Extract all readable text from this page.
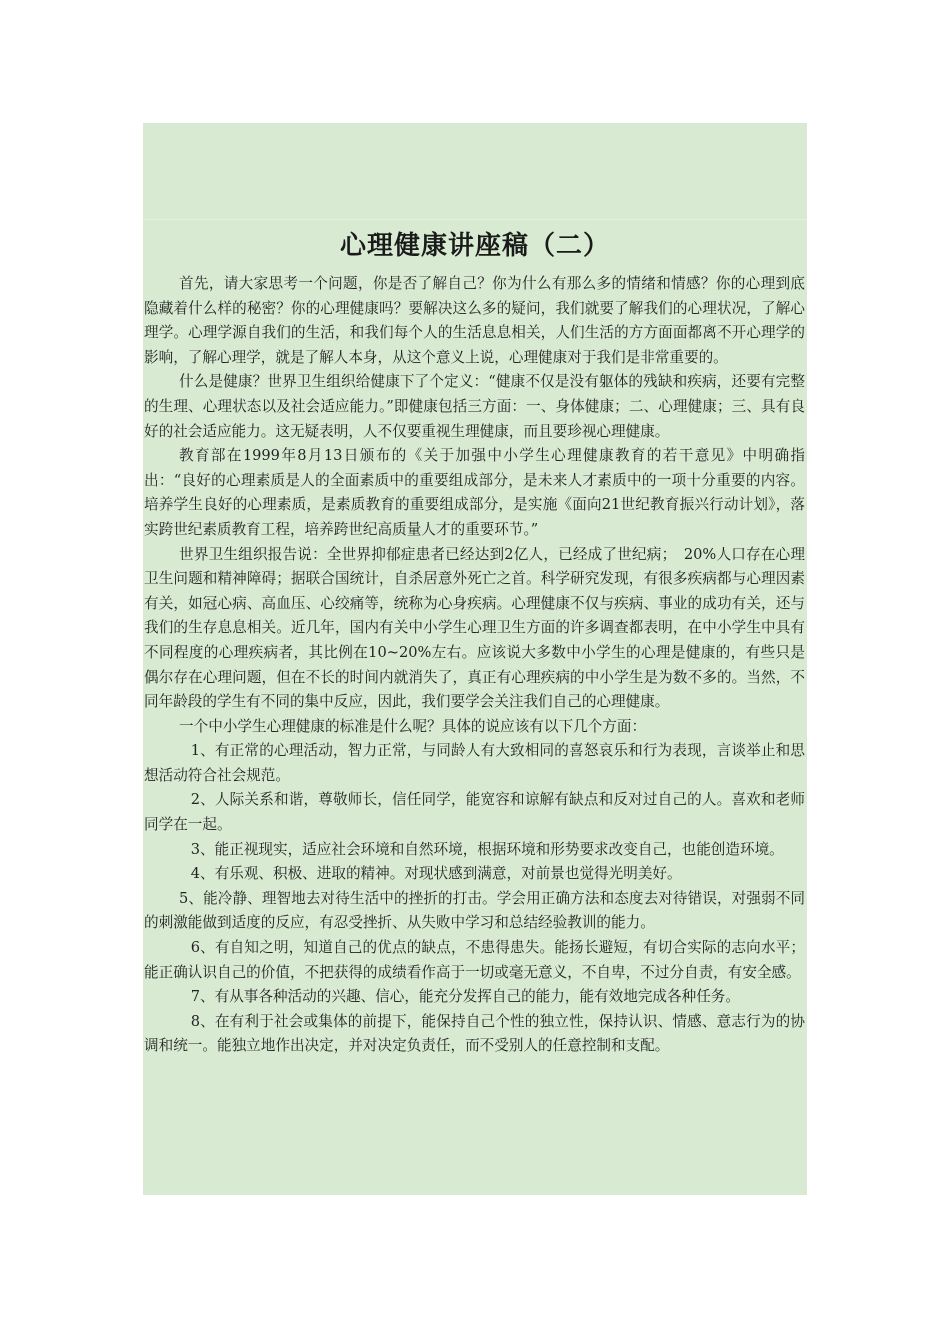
心理健康讲座稿（二）

首先，请大家思考一个问题，你是否了解自己？你为什么有那么多的情绪和情感？你的心理到底隐藏着什么样的秘密？你的心理健康吗？要解决这么多的疑问，我们就要了解我们的心理状况，了解心理学。心理学源自我们的生活，和我们每个人的生活息息相关，人们生活的方方面面都离不开心理学的影响，了解心理学，就是了解人本身，从这个意义上说，心理健康对于我们是非常重要的。

什么是健康？世界卫生组织给健康下了个定义：“健康不仅是没有躯体的残缺和疾病，还要有完整的生理、心理状态以及社会适应能力。”即健康包括三方面：一、身体健康；二、心理健康；三、具有良好的社会适应能力。这无疑表明，人不仅要重视生理健康，而且要珍视心理健康。

教育部在1999年8月13日颁布的《关于加强中小学生心理健康教育的若干意见》中明确指出：“良好的心理素质是人的全面素质中的重要组成部分，是未来人才素质中的一项十分重要的内容。培养学生良好的心理素质，是素质教育的重要组成部分，是实施《面向21世纪教育振兴行动计划》，落实跨世纪素质教育工程，培养跨世纪高质量人才的重要环节。”

世界卫生组织报告说：全世界抑郁症患者已经达到2亿人，已经成了世纪病；　20%人口存在心理卫生问题和精神障碍；据联合国统计，自杀居意外死亡之首。科学研究发现，有很多疾病都与心理因素有关，如冠心病、高血压、心绞痛等，统称为心身疾病。心理健康不仅与疾病、事业的成功有关，还与我们的生存息息相关。近几年，国内有关中小学生心理卫生方面的许多调查都表明，在中小学生中具有不同程度的心理疾病者，其比例在10~20%左右。应该说大多数中小学生的心理是健康的，有些只是偶尔存在心理问题，但在不长的时间内就消失了，真正有心理疾病的中小学生是为数不多的。当然，不同年龄段的学生有不同的集中反应，因此，我们要学会关注我们自己的心理健康。

一个中小学生心理健康的标准是什么呢？具体的说应该有以下几个方面：

1、有正常的心理活动，智力正常，与同龄人有大致相同的喜怒哀乐和行为表现，言谈举止和思想活动符合社会规范。

2、人际关系和谐，尊敬师长，信任同学，能宽容和谅解有缺点和反对过自己的人。喜欢和老师同学在一起。

3、能正视现实，适应社会环境和自然环境，根据环境和形势要求改变自己，也能创造环境。

4、有乐观、积极、进取的精神。对现状感到满意，对前景也觉得光明美好。

5、能冷静、理智地去对待生活中的挫折的打击。学会用正确方法和态度去对待错误，对强弱不同的刺激能做到适度的反应，有忍受挫折、从失败中学习和总结经验教训的能力。

6、有自知之明，知道自己的优点的缺点，不患得患失。能扬长避短，有切合实际的志向水平；能正确认识自己的价值，不把获得的成绩看作高于一切或毫无意义，不自卑，不过分自责，有安全感。

7、有从事各种活动的兴趣、信心，能充分发挥自己的能力，能有效地完成各种任务。

8、在有利于社会或集体的前提下，能保持自己个性的独立性，保持认识、情感、意志行为的协调和统一。能独立地作出决定，并对决定负责任，而不受别人的任意控制和支配。
